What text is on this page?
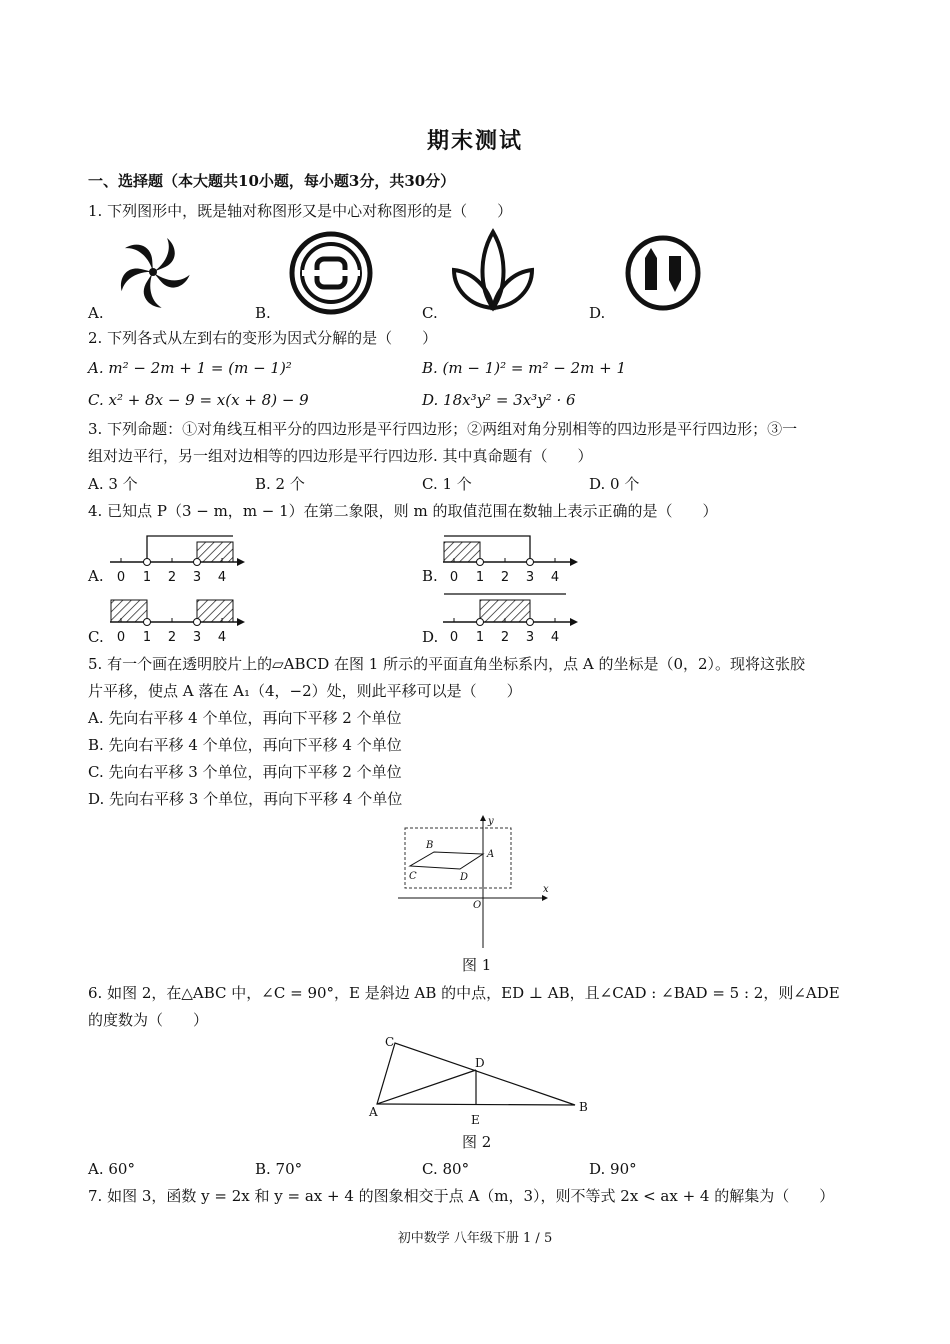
期末测试
一、选择题（本大题共10小题，每小题3分，共30分）
1. 下列图形中，既是轴对称图形又是中心对称图形的是（　　）
A.	B.	C.	D.
2. 下列各式从左到右的变形为因式分解的是（　　）
A. m² − 2m + 1 = (m − 1)²	B. (m − 1)² = m² − 2m + 1
C. x² + 8x − 9 = x(x + 8) − 9	D. 18x³y² = 3x³y² · 6
3. 下列命题：①对角线互相平分的四边形是平行四边形；②两组对角分别相等的四边形是平行四边形；③一
组对边平行，另一组对边相等的四边形是平行四边形. 其中真命题有（　　）
A. 3 个	B. 2 个	C. 1 个	D. 0 个
4. 已知点 P（3 − m，m − 1）在第二象限，则 m 的取值范围在数轴上表示正确的是（　　）
0 1 2 3 4
A.	0 1 2 3 4
B.
0 1 2 3 4
C.	0 1 2 3 4
D.
5. 有一个画在透明胶片上的▱ABCD 在图 1 所示的平面直角坐标系内，点 A 的坐标是（0，2）。现将这张胶
片平移，使点 A 落在 A₁（4，−2）处，则此平移可以是（　　）
A. 先向右平移 4 个单位，再向下平移 2 个单位
B. 先向右平移 4 个单位，再向下平移 4 个单位
C. 先向右平移 3 个单位，再向下平移 2 个单位
D. 先向右平移 3 个单位，再向下平移 4 个单位
y
x
O
A
B
C	D
图 1
6. 如图 2，在△ABC 中，∠C = 90°，E 是斜边 AB 的中点，ED ⊥ AB，且∠CAD : ∠BAD = 5 : 2，则∠ADE
的度数为（　　）
C
A	B
D
E
图 2
A. 60°	B. 70°	C. 80°	D. 90°
7. 如图 3，函数 y = 2x 和 y = ax + 4 的图象相交于点 A（m，3），则不等式 2x < ax + 4 的解集为（　　）
初中数学 八年级下册 1 / 5
